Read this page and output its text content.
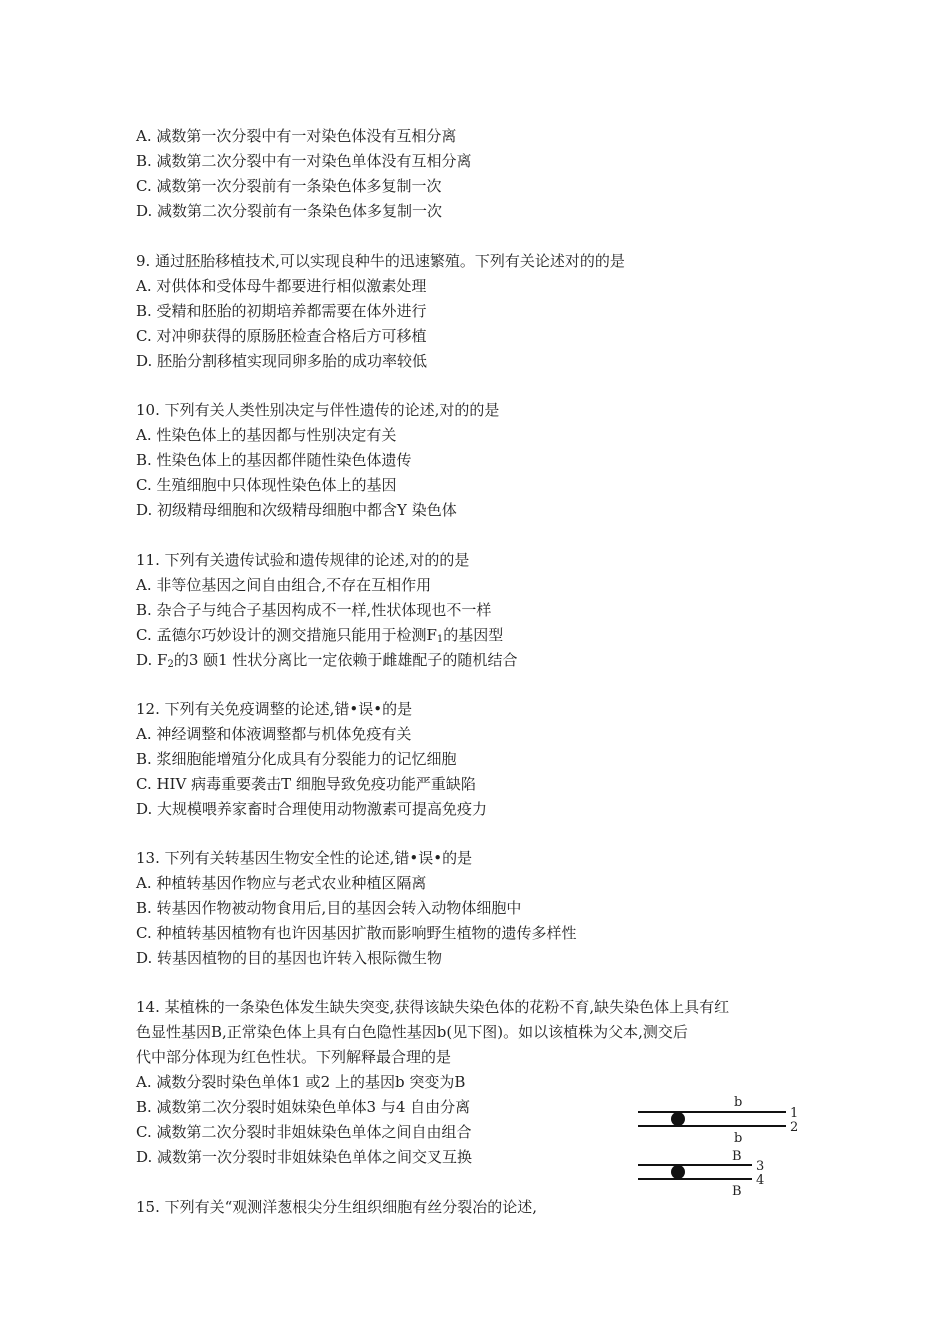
A. 减数第一次分裂中有一对染色体没有互相分离
B. 减数第二次分裂中有一对染色单体没有互相分离
C. 减数第一次分裂前有一条染色体多复制一次
D. 减数第二次分裂前有一条染色体多复制一次
9. 通过胚胎移植技术,可以实现良种牛的迅速繁殖。下列有关论述对的的是
A. 对供体和受体母牛都要进行相似激素处理
B. 受精和胚胎的初期培养都需要在体外进行
C. 对冲卵获得的原肠胚检查合格后方可移植
D. 胚胎分割移植实现同卵多胎的成功率较低
10. 下列有关人类性别决定与伴性遗传的论述,对的的是
A. 性染色体上的基因都与性别决定有关
B. 性染色体上的基因都伴随性染色体遗传
C. 生殖细胞中只体现性染色体上的基因
D. 初级精母细胞和次级精母细胞中都含Y 染色体
11. 下列有关遗传试验和遗传规律的论述,对的的是
A. 非等位基因之间自由组合,不存在互相作用
B. 杂合子与纯合子基因构成不一样,性状体现也不一样
C. 孟德尔巧妙设计的测交措施只能用于检测$F_1$的基因型
D. $F_2$的3 颐1 性状分离比一定依赖于雌雄配子的随机结合
12. 下列有关免疫调整的论述,错•误•的是
A. 神经调整和体液调整都与机体免疫有关
B. 浆细胞能增殖分化成具有分裂能力的记忆细胞
C. HIV 病毒重要袭击T 细胞导致免疫功能严重缺陷
D. 大规模喂养家畜时合理使用动物激素可提高免疫力
13. 下列有关转基因生物安全性的论述,错•误•的是
A. 种植转基因作物应与老式农业种植区隔离
B. 转基因作物被动物食用后,目的基因会转入动物体细胞中
C. 种植转基因植物有也许因基因扩散而影响野生植物的遗传多样性
D. 转基因植物的目的基因也许转入根际微生物
14. 某植株的一条染色体发生缺失突变,获得该缺失染色体的花粉不育,缺失染色体上具有红
色显性基因B,正常染色体上具有白色隐性基因b(见下图)。如以该植株为父本,测交后
代中部分体现为红色性状。下列解释最合理的是
A. 减数分裂时染色单体1 或2 上的基因b 突变为B
B. 减数第二次分裂时姐妹染色单体3 与4 自由分离
C. 减数第二次分裂时非姐妹染色单体之间自由组合
D. 减数第一次分裂时非姐妹染色单体之间交叉互换
b
1
2
b
B
3
4
B
15. 下列有关“观测洋葱根尖分生组织细胞有丝分裂冶的论述,
